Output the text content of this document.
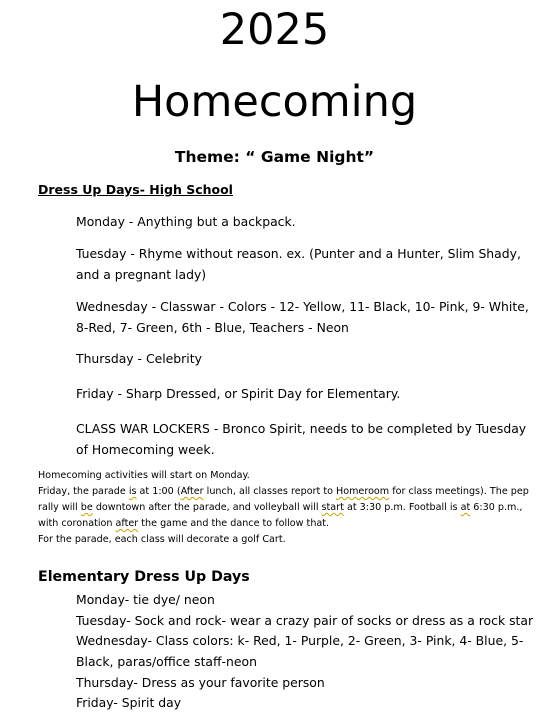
2025
Homecoming
Theme: “ Game Night”
Dress Up Days- High School
Monday - Anything but a backpack.
Tuesday - Rhyme without reason. ex. (Punter and a Hunter, Slim Shady, and a pregnant lady)
Wednesday - Classwar - Colors - 12- Yellow, 11- Black, 10- Pink, 9- White, 8-Red, 7- Green, 6th - Blue, Teachers - Neon
Thursday - Celebrity
Friday - Sharp Dressed, or Spirit Day for Elementary.
CLASS WAR LOCKERS - Bronco Spirit, needs to be completed by Tuesday of Homecoming week.
Homecoming activities will start on Monday.
Friday, the parade is at 1:00 (After lunch, all classes report to Homeroom for class meetings). The pep rally will be downtown after the parade, and volleyball will start at 3:30 p.m. Football is at 6:30 p.m., with coronation after the game and the dance to follow that.
For the parade, each class will decorate a golf Cart.
Elementary Dress Up Days
Monday- tie dye/ neon
Tuesday- Sock and rock- wear a crazy pair of socks or dress as a rock star
Wednesday- Class colors: k- Red, 1- Purple, 2- Green, 3- Pink, 4- Blue, 5- Black, paras/office staff-neon
Thursday- Dress as your favorite person
Friday- Spirit day
